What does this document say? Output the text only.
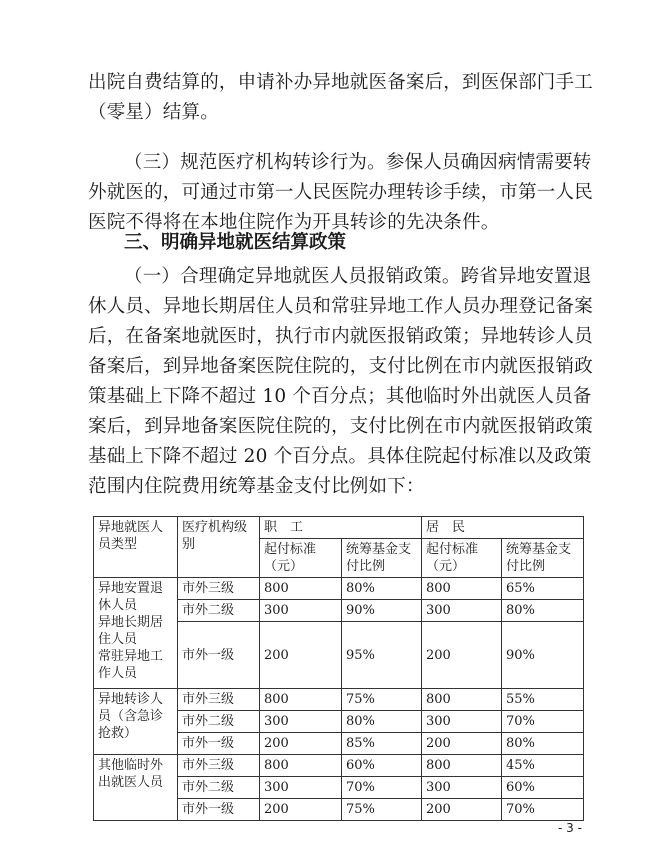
出院自费结算的，申请补办异地就医备案后，到医保部门手工
（零星）结算。

（三）规范医疗机构转诊行为。参保人员确因病情需要转
外就医的，可通过市第一人民医院办理转诊手续，市第一人民
医院不得将在本地住院作为开具转诊的先决条件。

三、明确异地就医结算政策

（一）合理确定异地就医人员报销政策。跨省异地安置退
休人员、异地长期居住人员和常驻异地工作人员办理登记备案
后，在备案地就医时，执行市内就医报销政策；异地转诊人员
备案后，到异地备案医院住院的，支付比例在市内就医报销政
策基础上下降不超过 10 个百分点；其他临时外出就医人员备
案后，到异地备案医院住院的，支付比例在市内就医报销政策
基础上下降不超过 20 个百分点。具体住院起付标准以及政策
范围内住院费用统筹基金支付比例如下：

异地就医人员类型	医疗机构级别	职　工		居　民	
		起付标准（元）	统筹基金支付比例	起付标准（元）	统筹基金支付比例
异地安置退休人员
异地长期居住人员
常驻异地工作人员	市外三级	800	80%	800	65%
	市外二级	300	90%	300	80%
	市外一级	200	95%	200	90%
异地转诊人员（含急诊抢救）	市外三级	800	75%	800	55%
	市外二级	300	80%	300	70%
	市外一级	200	85%	200	80%
其他临时外出就医人员	市外三级	800	60%	800	45%
	市外二级	300	70%	300	60%
	市外一级	200	75%	200	70%
- 3 -
